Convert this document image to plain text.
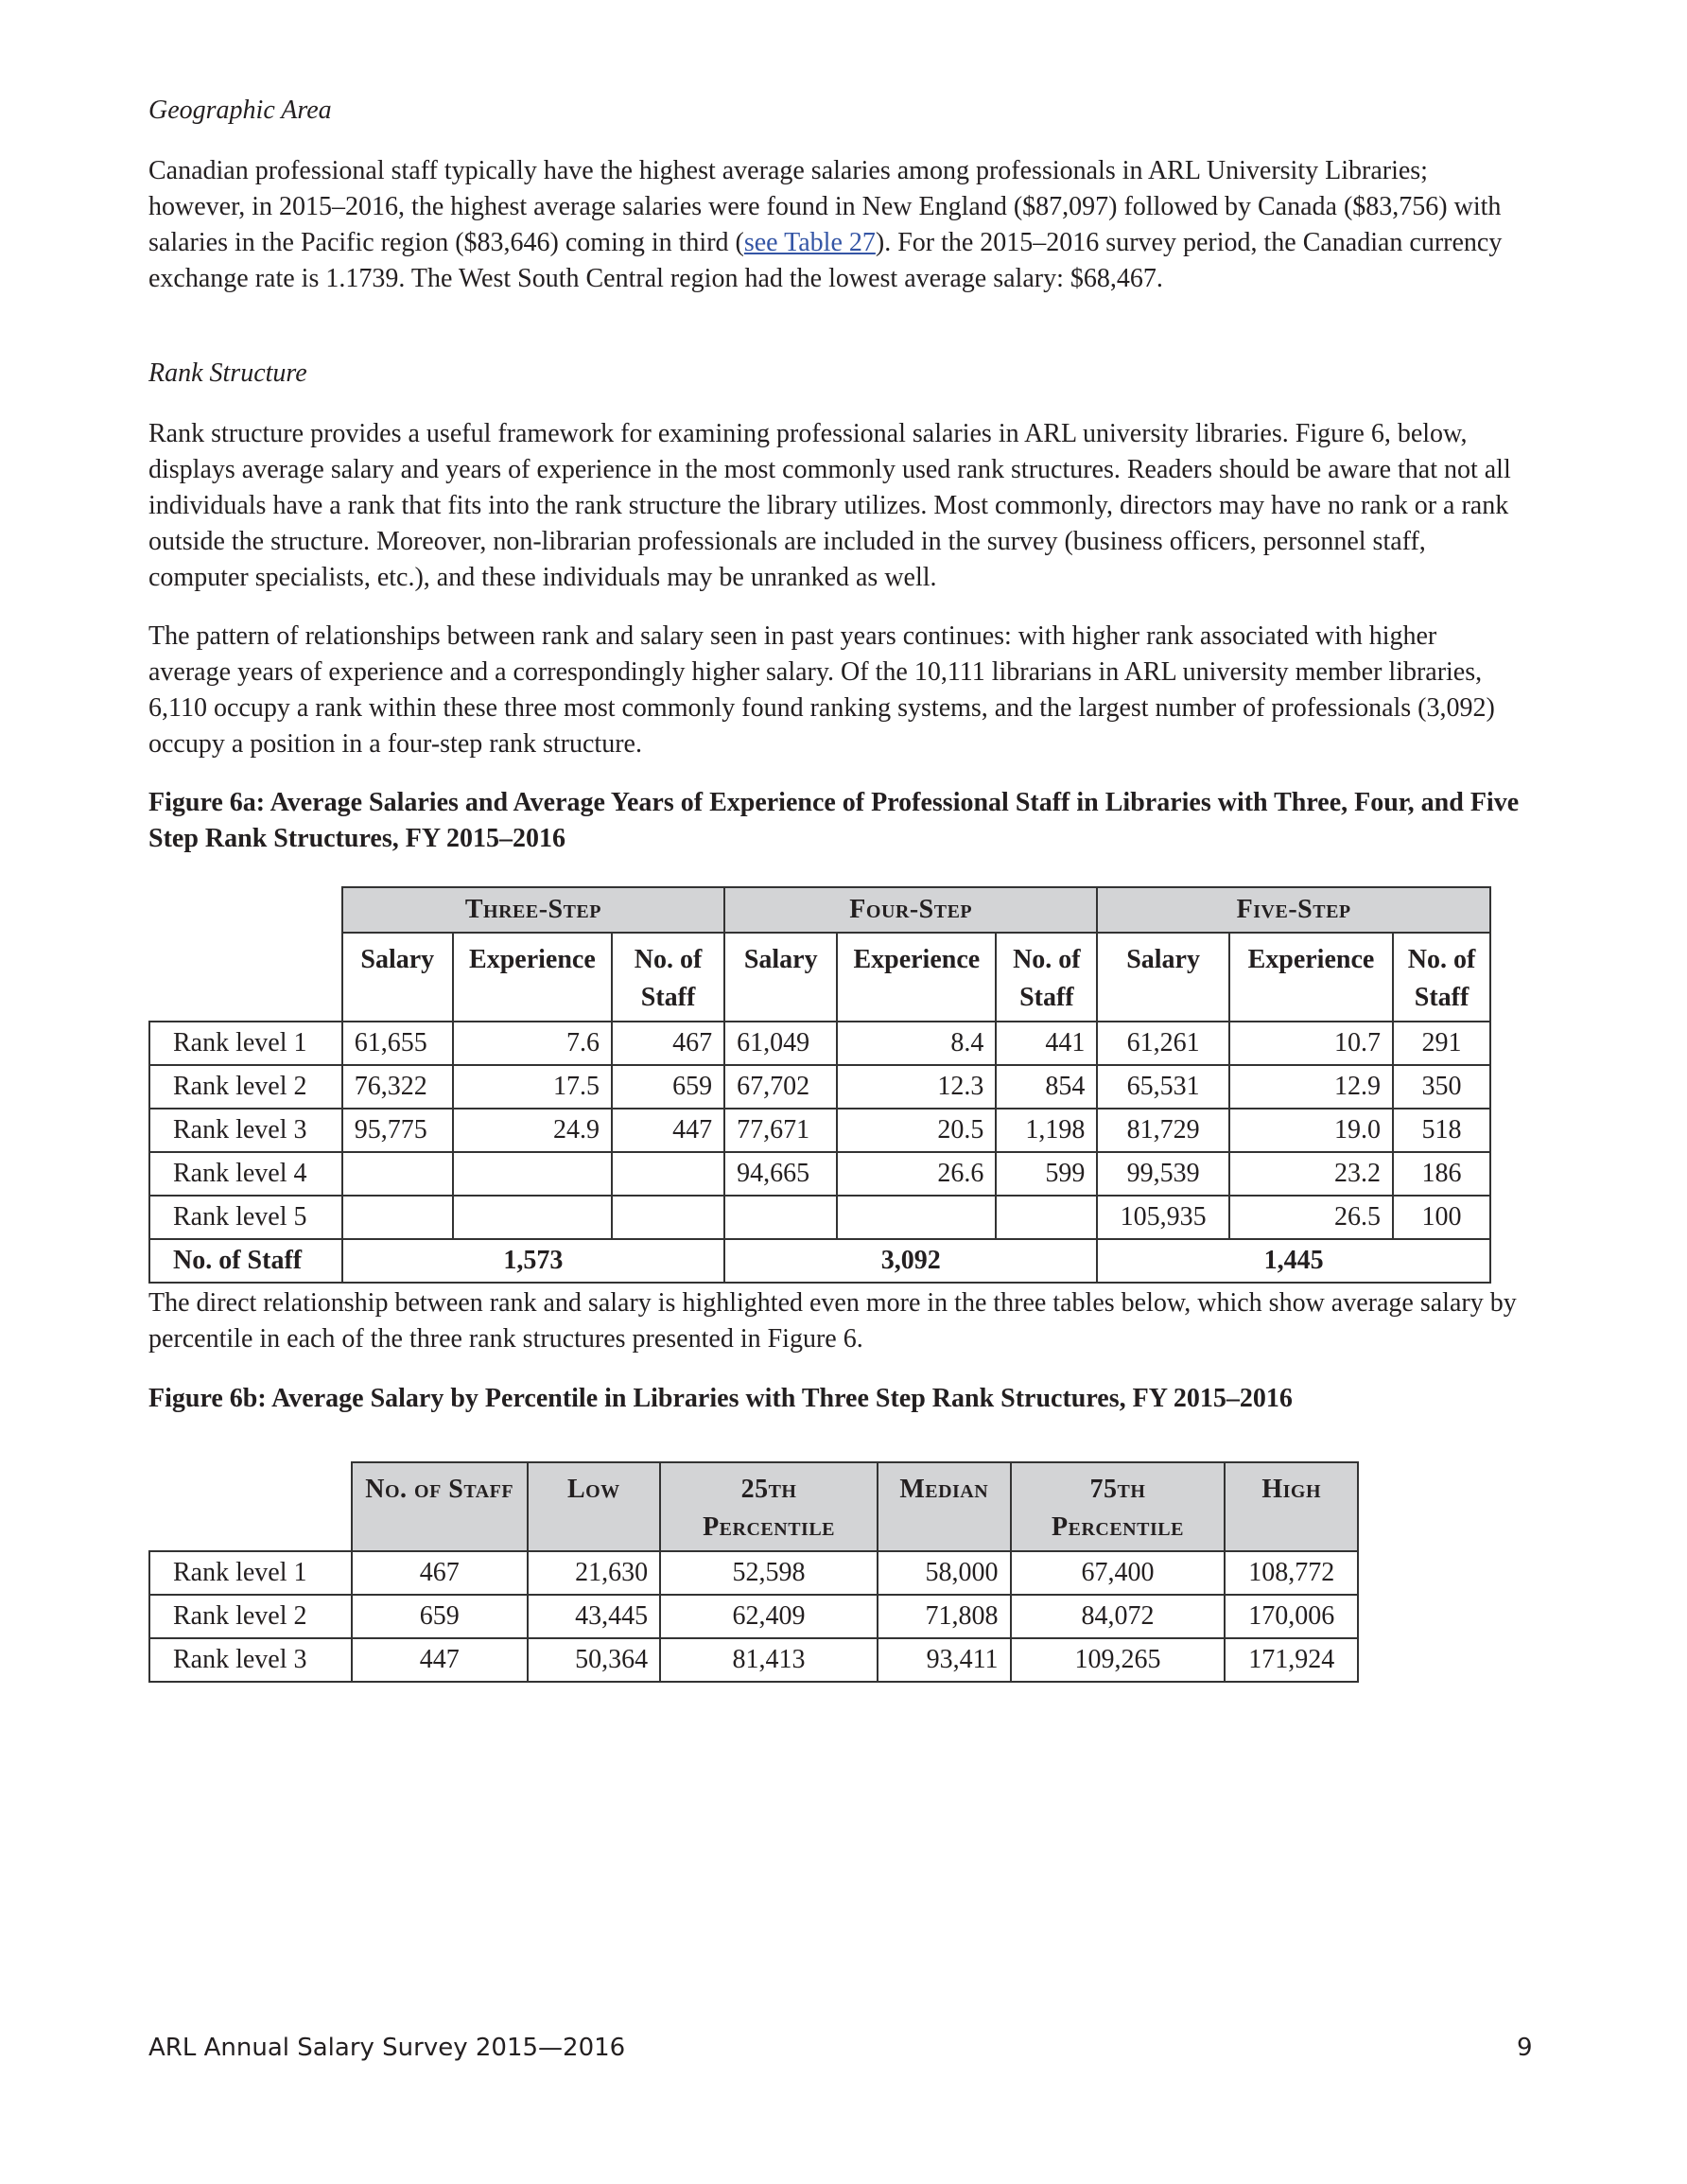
Geographic Area

Canadian professional staff typically have the highest average salaries among professionals in ARL University Libraries; however, in 2015–2016, the highest average salaries were found in New England ($87,097) followed by Canada ($83,756) with salaries in the Pacific region ($83,646) coming in third (see Table 27). For the 2015–2016 survey period, the Canadian currency exchange rate is 1.1739. The West South Central region had the lowest average salary: $68,467.

Rank Structure

Rank structure provides a useful framework for examining professional salaries in ARL university libraries. Figure 6, below, displays average salary and years of experience in the most commonly used rank structures. Readers should be aware that not all individuals have a rank that fits into the rank structure the library utilizes. Most commonly, directors may have no rank or a rank outside the structure. Moreover, non-librarian professionals are included in the survey (business officers, personnel staff, computer specialists, etc.), and these individuals may be unranked as well.

The pattern of relationships between rank and salary seen in past years continues: with higher rank associated with higher average years of experience and a correspondingly higher salary. Of the 10,111 librarians in ARL university member libraries, 6,110 occupy a rank within these three most commonly found ranking systems, and the largest number of professionals (3,092) occupy a position in a four-step rank structure.

Figure 6a: Average Salaries and Average Years of Experience of Professional Staff in Libraries with Three, Four, and Five Step Rank Structures, FY 2015–2016

	Three-Step			Four-Step			Five-Step		
	Salary	Experience	No. of Staff	Salary	Experience	No. of Staff	Salary	Experience	No. of Staff
Rank level 1	61,655	7.6	467	61,049	8.4	441	61,261	10.7	291
Rank level 2	76,322	17.5	659	67,702	12.3	854	65,531	12.9	350
Rank level 3	95,775	24.9	447	77,671	20.5	1,198	81,729	19.0	518
Rank level 4				94,665	26.6	599	99,539	23.2	186
Rank level 5							105,935	26.5	100
No. of Staff	1,573			3,092			1,445		

The direct relationship between rank and salary is highlighted even more in the three tables below, which show average salary by percentile in each of the three rank structures presented in Figure 6.

Figure 6b: Average Salary by Percentile in Libraries with Three Step Rank Structures, FY 2015–2016

	No. of Staff	Low	25th Percentile	Median	75th Percentile	High
Rank level 1	467	21,630	52,598	58,000	67,400	108,772
Rank level 2	659	43,445	62,409	71,808	84,072	170,006
Rank level 3	447	50,364	81,413	93,411	109,265	171,924
ARL Annual Salary Survey 2015—2016	9
